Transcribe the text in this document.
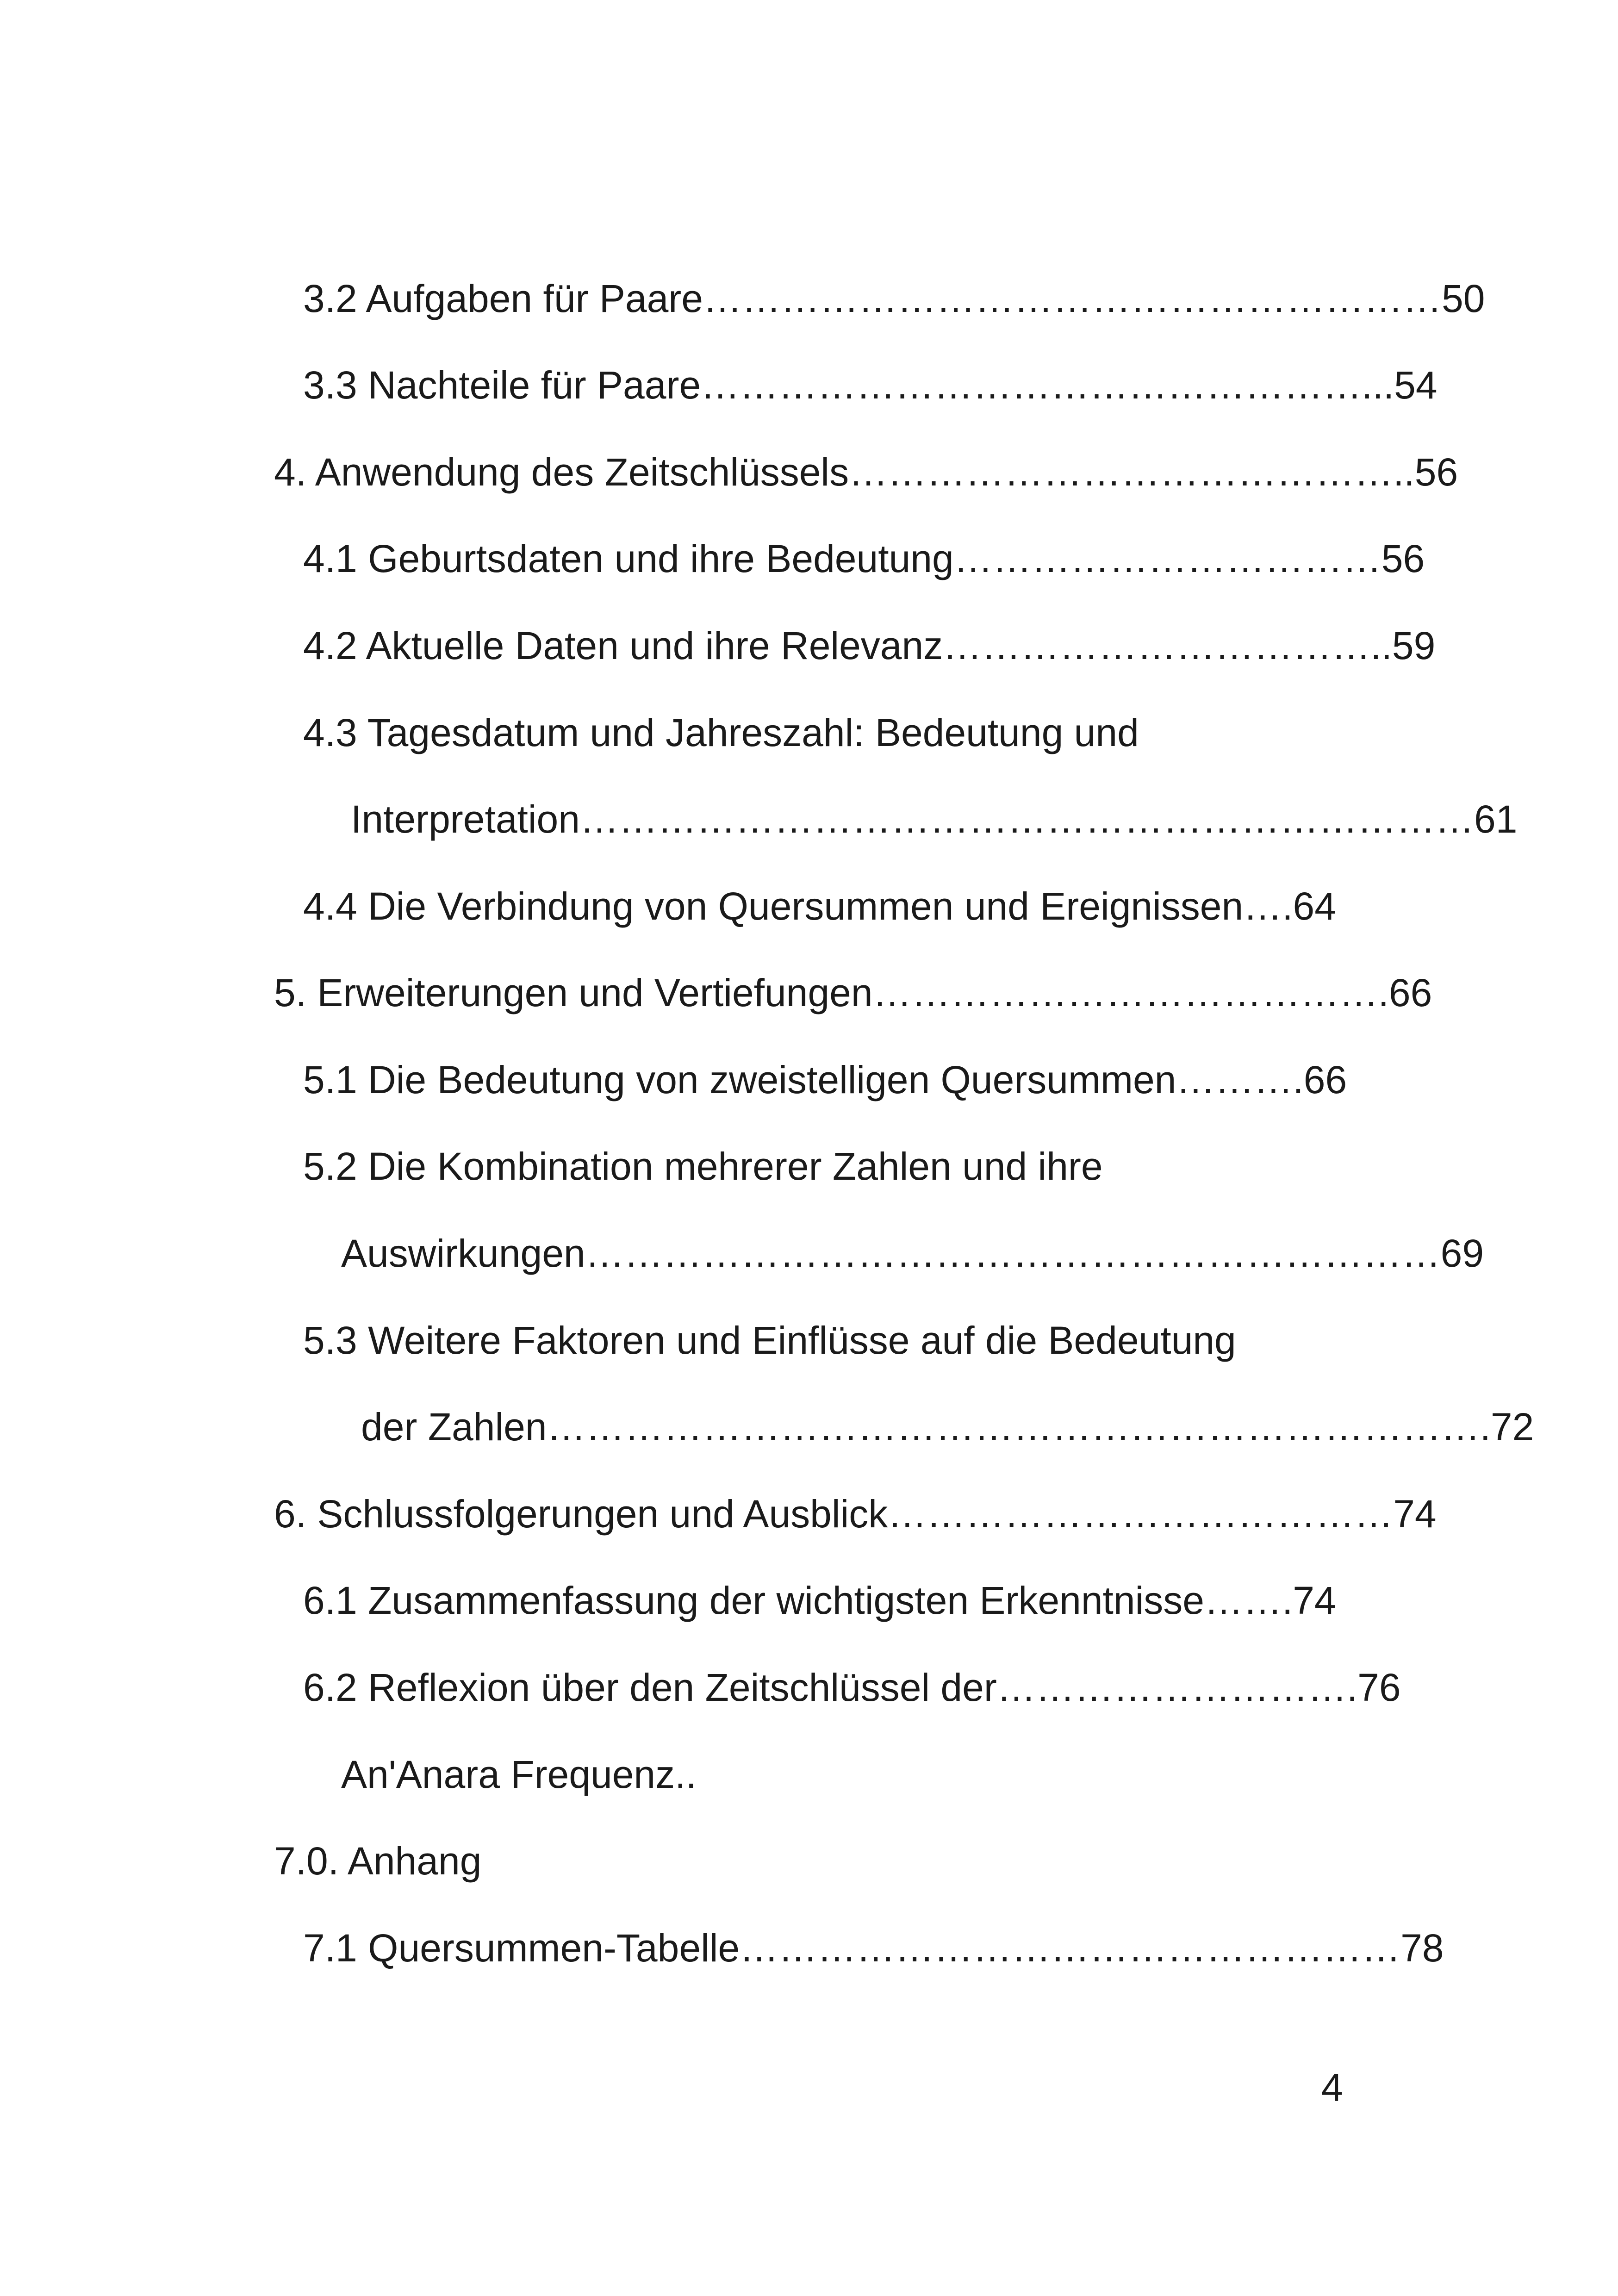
3.2 Aufgaben für Paare…………………………………………………50
3.3 Nachteile für Paare……………………………………………...54
4. Anwendung des Zeitschlüssels……………………………………..56
4.1 Geburtsdaten und ihre Bedeutung……………………………56
4.2 Aktuelle Daten und ihre Relevanz……………………………..59
4.3 Tagesdatum und Jahreszahl: Bedeutung und
Interpretation……………………………………………………………61
4.4 Die Verbindung von Quersummen und Ereignissen….64
5. Erweiterungen und Vertiefungen………………………………….66
5.1 Die Bedeutung von zweistelligen Quersummen……….66
5.2 Die Kombination mehrerer Zahlen und ihre
Auswirkungen…………………………………………………………69
5.3 Weitere Faktoren und Einflüsse auf die Bedeutung
der Zahlen……………………………………………………………….72
6. Schlussfolgerungen und Ausblick…………………………………74
6.1 Zusammenfassung der wichtigsten Erkenntnisse…….74
6.2 Reflexion über den Zeitschlüssel der……………………….76
An'Anara Frequenz..
7.0. Anhang
7.1 Quersummen-Tabelle……………………………………………78
4
